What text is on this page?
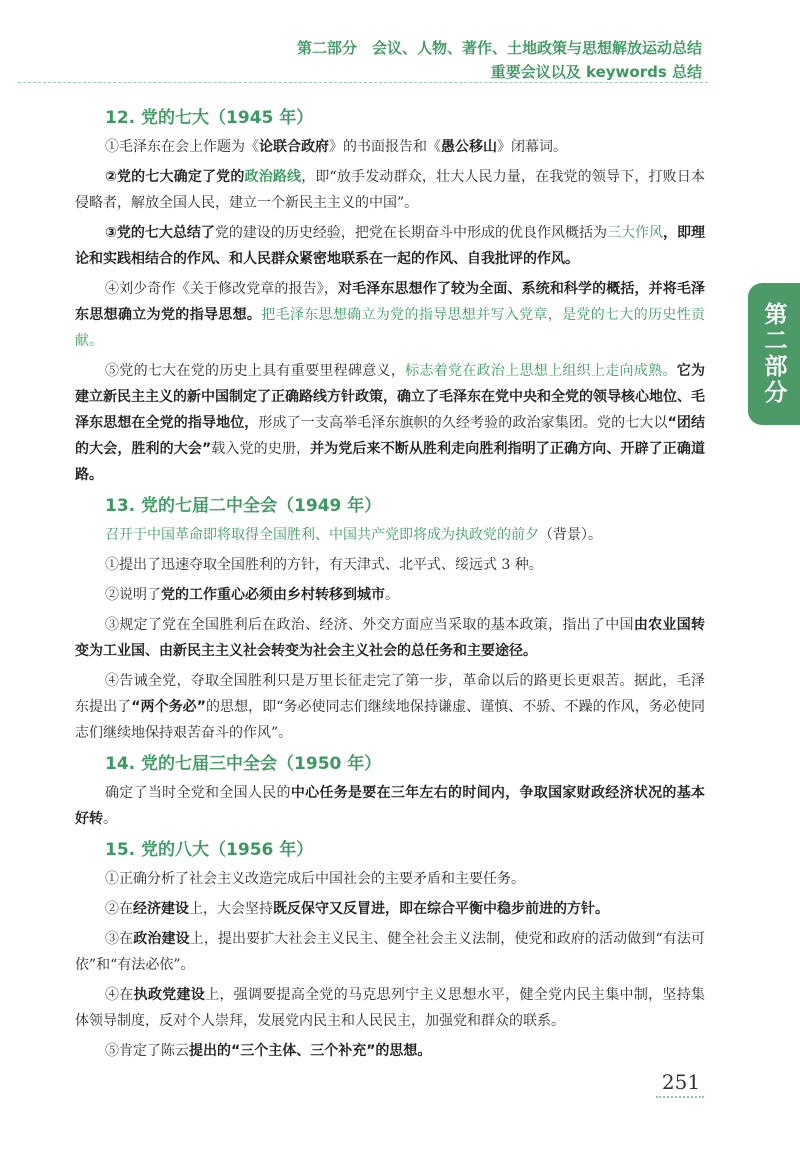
第二部分　会议、人物、著作、土地政策与思想解放运动总结
重要会议以及 keywords 总结
第二部分
12. 党的七大（1945 年）

①毛泽东在会上作题为《论联合政府》的书面报告和《愚公移山》闭幕词。

②党的七大确定了党的政治路线，即“放手发动群众，壮大人民力量，在我党的领导下，打败日本侵略者，解放全国人民，建立一个新民主主义的中国”。

③党的七大总结了党的建设的历史经验，把党在长期奋斗中形成的优良作风概括为三大作风，即理论和实践相结合的作风、和人民群众紧密地联系在一起的作风、自我批评的作风。

④刘少奇作《关于修改党章的报告》，对毛泽东思想作了较为全面、系统和科学的概括，并将毛泽东思想确立为党的指导思想。把毛泽东思想确立为党的指导思想并写入党章，是党的七大的历史性贡献。

⑤党的七大在党的历史上具有重要里程碑意义，标志着党在政治上思想上组织上走向成熟。它为建立新民主主义的新中国制定了正确路线方针政策，确立了毛泽东在党中央和全党的领导核心地位、毛泽东思想在全党的指导地位，形成了一支高举毛泽东旗帜的久经考验的政治家集团。党的七大以“团结的大会，胜利的大会”载入党的史册，并为党后来不断从胜利走向胜利指明了正确方向、开辟了正确道路。

13. 党的七届二中全会（1949 年）

召开于中国革命即将取得全国胜利、中国共产党即将成为执政党的前夕（背景）。

①提出了迅速夺取全国胜利的方针，有天津式、北平式、绥远式 3 种。

②说明了党的工作重心必须由乡村转移到城市。

③规定了党在全国胜利后在政治、经济、外交方面应当采取的基本政策，指出了中国由农业国转变为工业国、由新民主主义社会转变为社会主义社会的总任务和主要途径。

④告诫全党，夺取全国胜利只是万里长征走完了第一步，革命以后的路更长更艰苦。据此，毛泽东提出了“两个务必”的思想，即“务必使同志们继续地保持谦虚、谨慎、不骄、不躁的作风，务必使同志们继续地保持艰苦奋斗的作风”。

14. 党的七届三中全会（1950 年）

确定了当时全党和全国人民的中心任务是要在三年左右的时间内，争取国家财政经济状况的基本好转。

15. 党的八大（1956 年）

①正确分析了社会主义改造完成后中国社会的主要矛盾和主要任务。

②在经济建设上，大会坚持既反保守又反冒进，即在综合平衡中稳步前进的方针。

③在政治建设上，提出要扩大社会主义民主、健全社会主义法制，使党和政府的活动做到“有法可依”和“有法必依”。

④在执政党建设上，强调要提高全党的马克思列宁主义思想水平，健全党内民主集中制，坚持集体领导制度，反对个人崇拜，发展党内民主和人民民主，加强党和群众的联系。

⑤肯定了陈云提出的“三个主体、三个补充”的思想。

251
